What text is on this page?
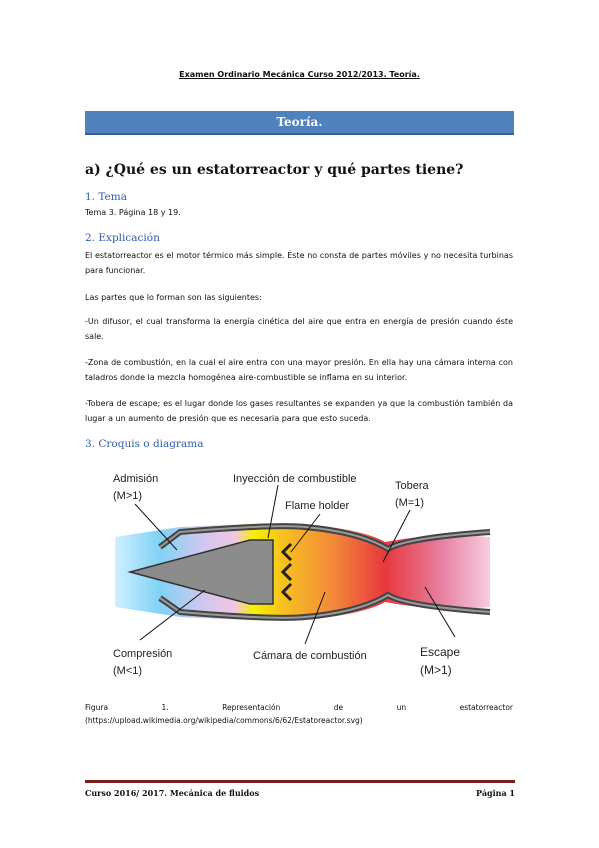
Examen Ordinario Mecánica Curso 2012/2013. Teoría.
Teoría.
a) ¿Qué es un estatorreactor y qué partes tiene?
1. Tema
Tema 3. Página 18 y 19.
2. Explicación
El estatorreactor es el motor térmico más simple. Éste no consta de partes móviles y no necesita turbinas para funcionar.
Las partes que lo forman son las siguientes:
-Un difusor, el cual transforma la energía cinética del aire que entra en energía de presión cuando éste sale.
-Zona de combustión, en la cual el aire entra con una mayor presión. En ella hay una cámara interna con taladros donde la mezcla homogénea aire-combustible se inflama en su interior.
-Tobera de escape; es el lugar donde los gases resultantes se expanden ya que la combustión también da lugar a un aumento de presión que es necesaria para que esto suceda.
3. Croquis o diagrama
Admisión
(M>1)
Inyección de combustible
Flame holder
Tobera
(M=1)
Compresión
(M<1)
Cámara de combustión	Escape
(M>1)
Figura	1.	Representación	de	un	estatorreactor
(https://upload.wikimedia.org/wikipedia/commons/6/62/Estatoreactor.svg)
Curso 2016/ 2017. Mecánica de fluidos	Página 1
